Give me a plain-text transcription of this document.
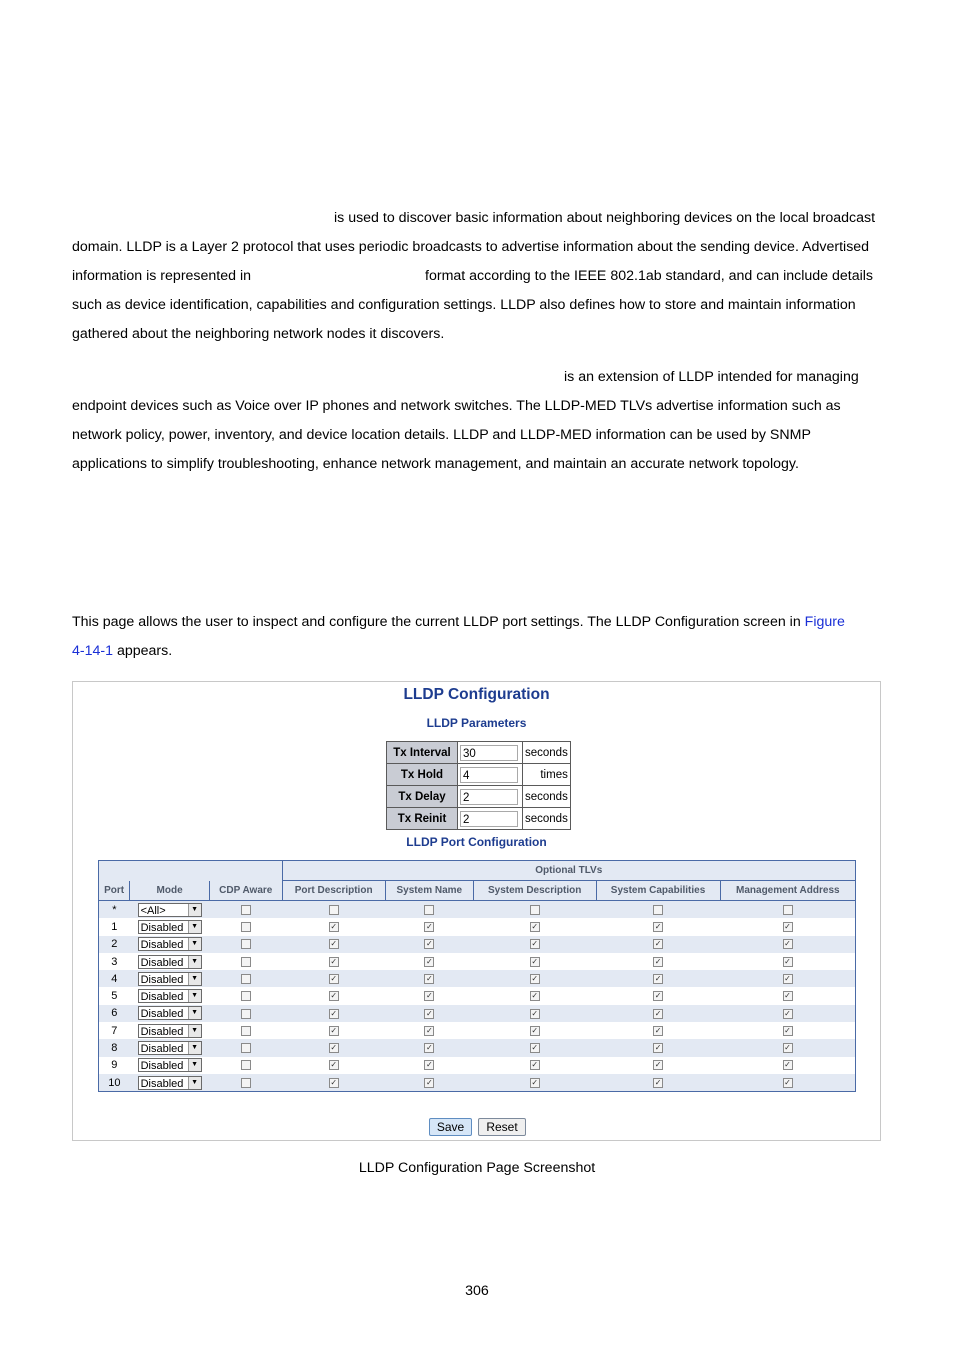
is used to discover basic information about neighboring devices on the local broadcast
domain. LLDP is a Layer 2 protocol that uses periodic broadcasts to advertise information about the sending device. Advertised
information is represented in	format according to the IEEE 802.1ab standard, and can include details
such as device identification, capabilities and configuration settings. LLDP also defines how to store and maintain information
gathered about the neighboring network nodes it discovers.
is an extension of LLDP intended for managing
endpoint devices such as Voice over IP phones and network switches. The LLDP-MED TLVs advertise information such as
network policy, power, inventory, and device location details. LLDP and LLDP-MED information can be used by SNMP
applications to simplify troubleshooting, enhance network management, and maintain an accurate network topology.
This page allows the user to inspect and configure the current LLDP port settings. The LLDP Configuration screen in Figure
4-14-1 appears.
LLDP Configuration
LLDP Parameters
Tx Interval	30	seconds
Tx Hold	4	times
Tx Delay	2	seconds
Tx Reinit	2	seconds
LLDP Port Configuration
			Optional TLVs				
Port	Mode	CDP Aware	Port Description	System Name	System Description	System Capabilities	Management Address
*	<All> ▼						

1	Disabled ▼		✓	✓	✓	✓	✓
2	Disabled ▼		✓	✓	✓	✓	✓
3	Disabled ▼		✓	✓	✓	✓	✓
4	Disabled ▼		✓	✓	✓	✓	✓
5	Disabled ▼		✓	✓	✓	✓	✓
6	Disabled ▼		✓	✓	✓	✓	✓
7	Disabled ▼		✓	✓	✓	✓	✓
8	Disabled ▼		✓	✓	✓	✓	✓
9	Disabled ▼		✓	✓	✓	✓	✓
10	Disabled ▼		✓	✓	✓	✓	✓
Save	Reset
LLDP Configuration Page Screenshot
306
